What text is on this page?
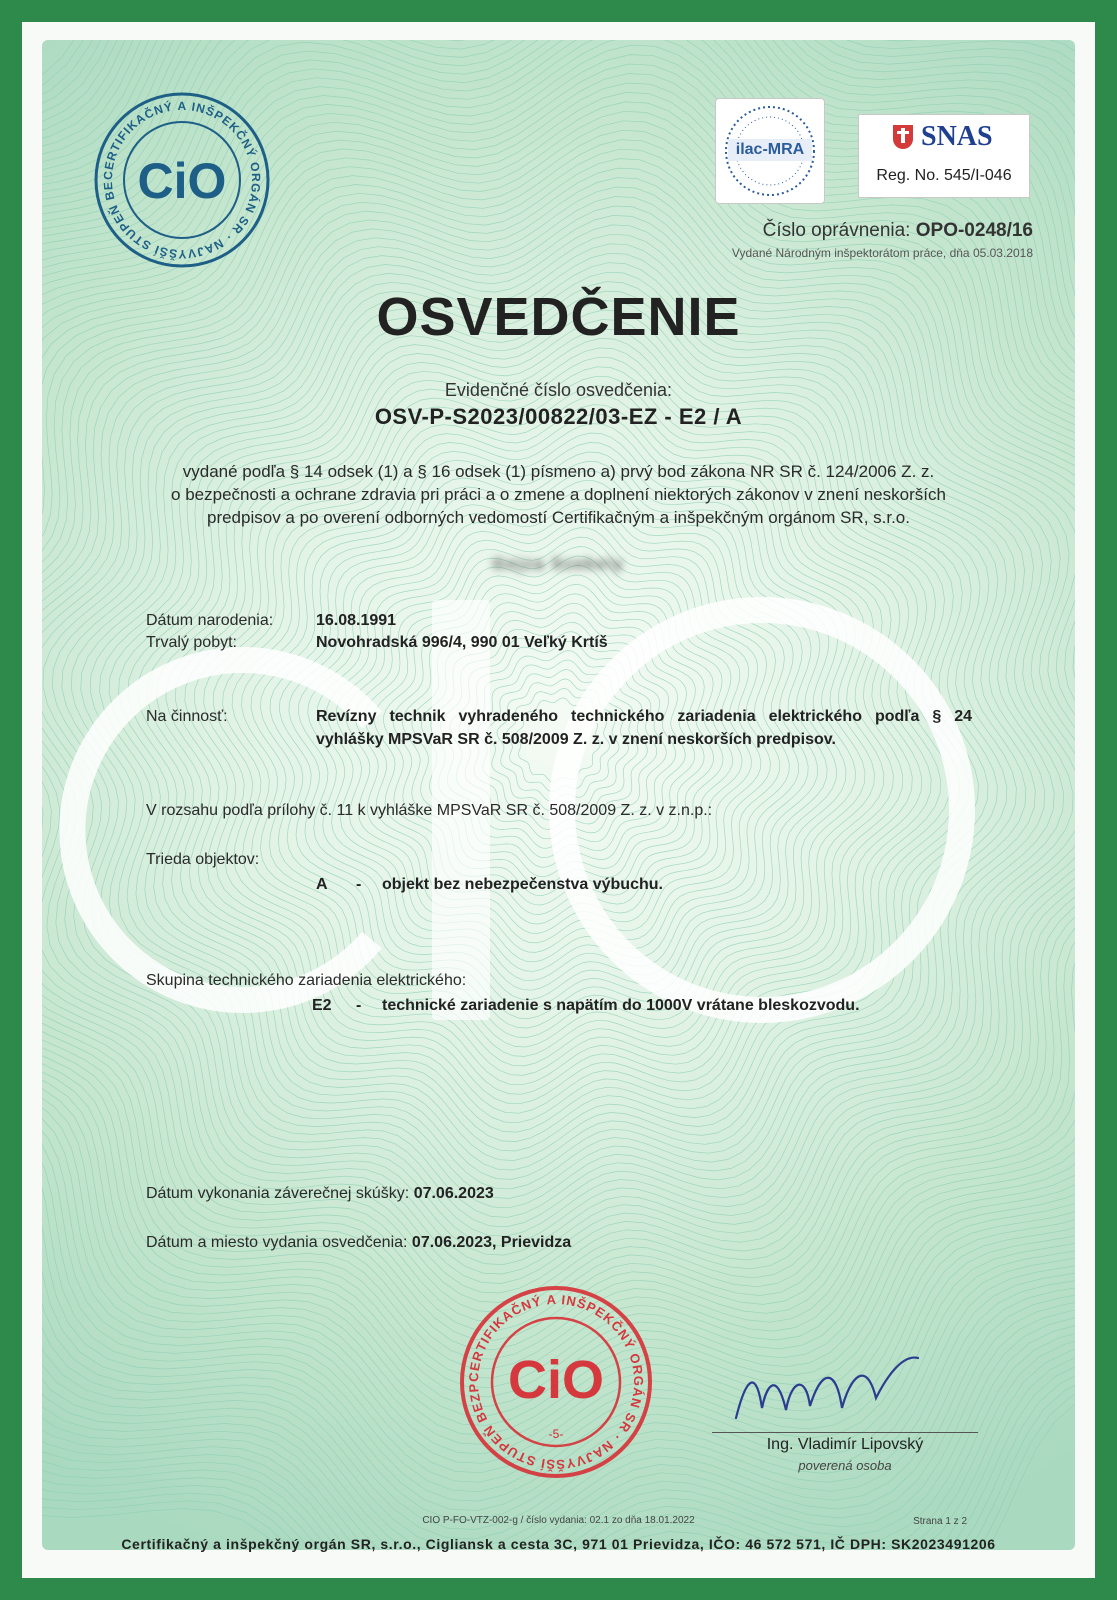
CERTIFIKAČNÝ A INŠPEKČNÝ ORGÁN SR · NAJVYŠŠÍ STUPEŇ BE CiO
ilac-MRA	SNAS
Reg. No. 545/I-046
Číslo oprávnenia: OPO-0248/16
Vydané Národným inšpektorátom práce, dňa 05.03.2018
OSVEDČENIE
Evidenčné číslo osvedčenia:
OSV-P-S2023/00822/03-EZ - E2 / A
vydané podľa § 14 odsek (1) a § 16 odsek (1) písmeno a) prvý bod zákona NR SR č. 124/2006 Z. z.
o bezpečnosti a ochrane zdravia pri práci a o zmene a doplnení niektorých zákonov v znení neskorších
predpisov a po overení odborných vedomostí Certifikačným a inšpekčným orgánom SR, s.r.o.
Gejza Szekely
Dátum narodenia:	16.08.1991
Trvalý pobyt:	Novohradská 996/4, 990 01 Veľký Krtíš
Na činnosť:	Revízny technik vyhradeného technického zariadenia elektrického podľa § 24
vyhlášky MPSVaR SR č. 508/2009 Z. z. v znení neskorších predpisov.
V rozsahu podľa prílohy č. 11 k vyhláške MPSVaR SR č. 508/2009 Z. z. v z.n.p.:
Trieda objektov:
A - objekt bez nebezpečenstva výbuchu.
Skupina technického zariadenia elektrického:
E2 - technické zariadenie s napätím do 1000V vrátane bleskozvodu.
Dátum vykonania záverečnej skúšky: 07.06.2023
Dátum a miesto vydania osvedčenia: 07.06.2023, Prievidza
CERTIFIKAČNÝ A INŠPEKČNÝ ORGÁN SR · NAJVYŠŠÍ STUPEŇ BEZP CiO
-5-
Ing. Vladimír Lipovský
poverená osoba
CIO P-FO-VTZ-002-g / číslo vydania: 02.1 zo dňa 18.01.2022	Strana 1 z 2
Certifikačný a inšpekčný orgán SR, s.r.o., Cigliansk a cesta 3C, 971 01 Prievidza, IČO: 46 572 571, IČ DPH: SK2023491206
